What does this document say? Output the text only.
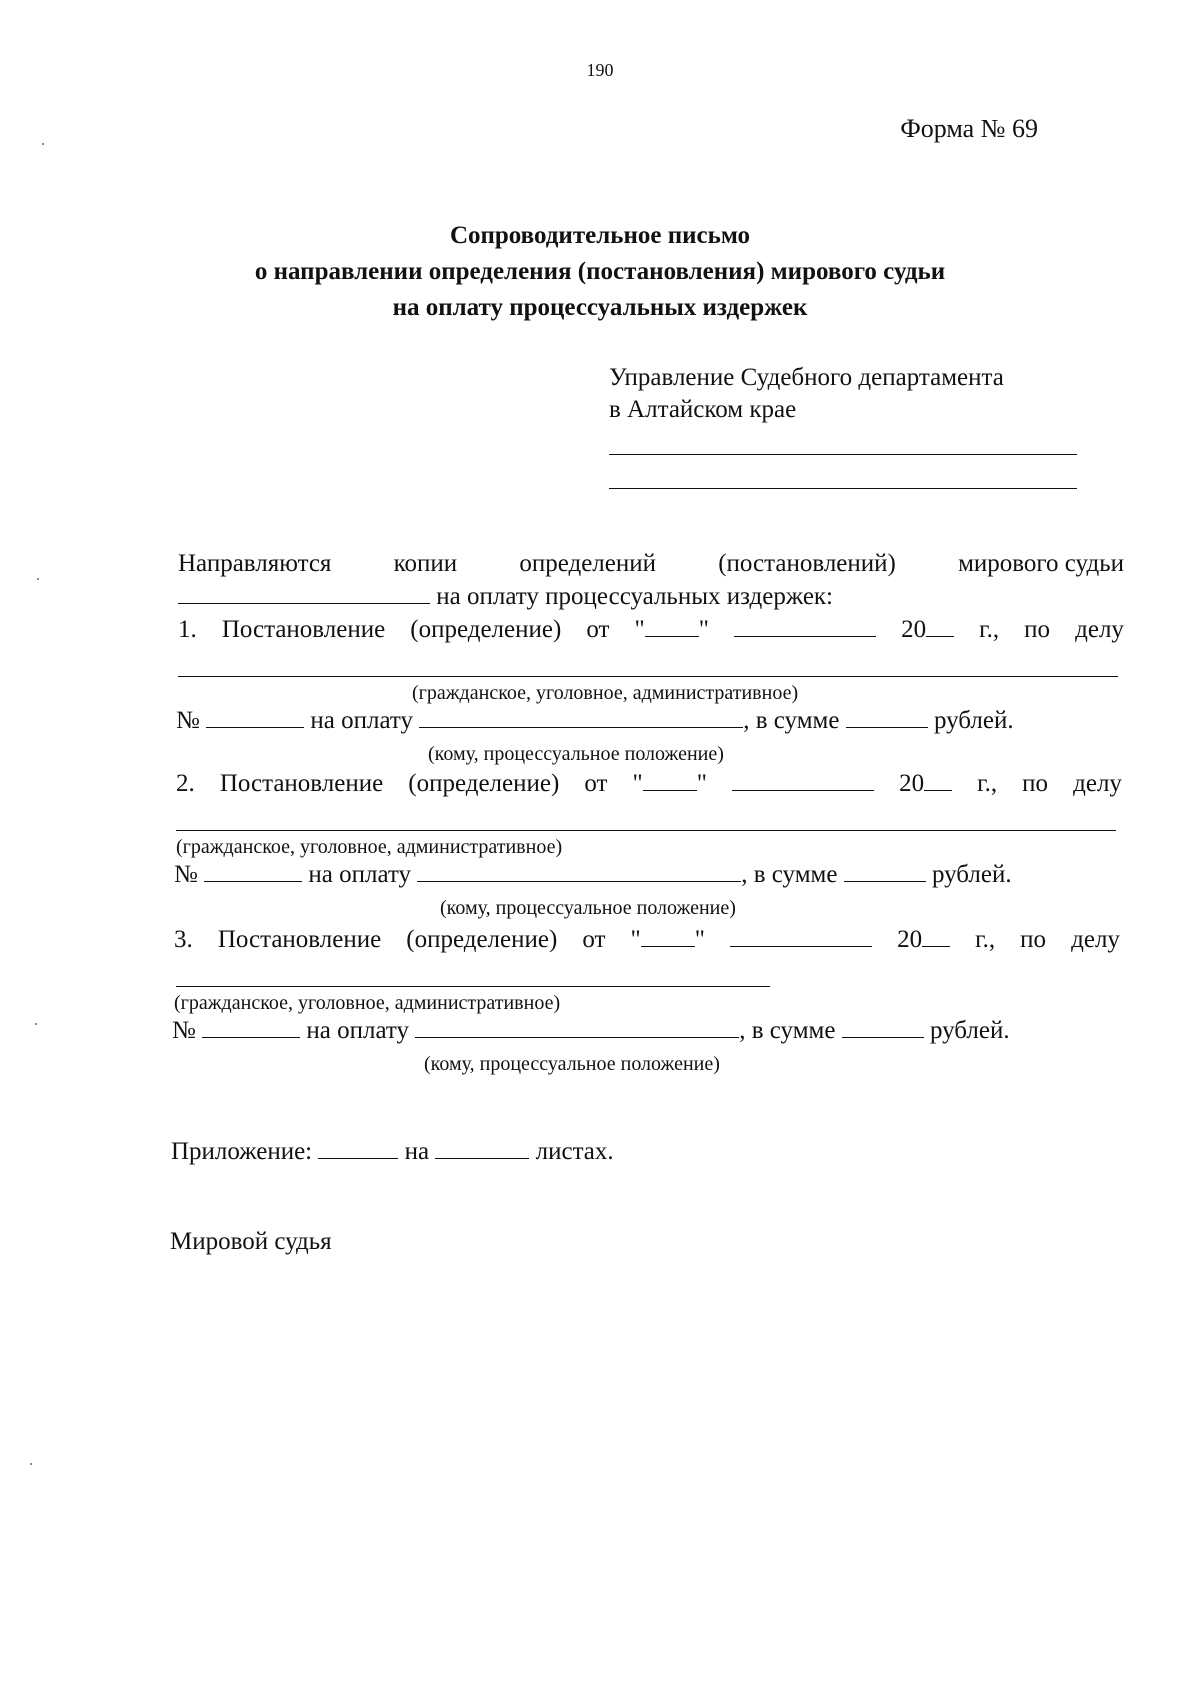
190
Форма № 69
Сопроводительное письмо
о направлении определения (постановления) мирового судьи
на оплату процессуальных издержек
Управление Судебного департамента
в Алтайском крае
Направляются копии определений (постановлений) мирового судьи
на оплату процессуальных издержек:
1. Постановление (определение) от " "	20	г., по делу
(гражданское, уголовное, административное)
№	на оплату	, в сумме	рублей.
(кому, процессуальное положение)
2. Постановление (определение) от " "	20	г., по делу
(гражданское, уголовное, административное)
№	на оплату	, в сумме	рублей.
(кому, процессуальное положение)
3. Постановление (определение) от " "	20	г., по делу
(гражданское, уголовное, административное)
№	на оплату	, в сумме	рублей.
(кому, процессуальное положение)
Приложение:	на	листах.
Мировой судья
